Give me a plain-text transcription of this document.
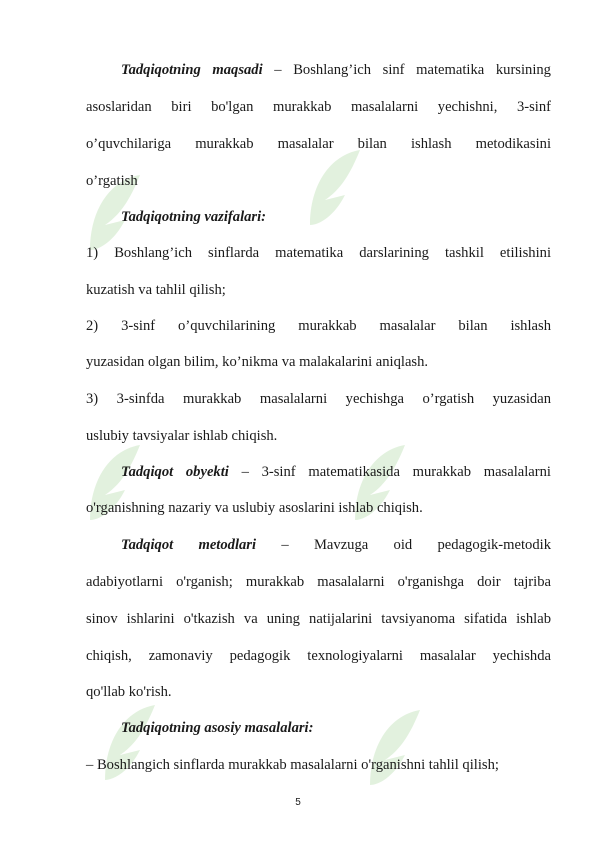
Tadqiqotning maqsadi – Boshlang’ich sinf matematika kursining
asoslaridan biri bo'lgan murakkab masalalarni yechishni, 3-sinf
o’quvchilariga murakkab masalalar bilan ishlash metodikasini
o’rgatish
Tadqiqotning vazifalari:
1) Boshlang’ich sinflarda matematika darslarining tashkil etilishini
kuzatish va tahlil qilish;
2) 3-sinf o’quvchilarining murakkab masalalar bilan ishlash
yuzasidan olgan bilim, ko’nikma va malakalarini aniqlash.
3) 3-sinfda murakkab masalalarni yechishga o’rgatish yuzasidan
uslubiy tavsiyalar ishlab chiqish.
Tadqiqot obyekti – 3-sinf matematikasida murakkab masalalarni
o'rganishning nazariy va uslubiy asoslarini ishlab chiqish.
Tadqiqot metodlari – Mavzuga oid pedagogik-metodik
adabiyotlarni o'rganish; murakkab masalalarni o'rganishga doir tajriba
sinov ishlarini o'tkazish va uning natijalarini tavsiyanoma sifatida ishlab
chiqish, zamonaviy pedagogik texnologiyalarni masalalar yechishda
qo'llab ko'rish.
Tadqiqotning asosiy masalalari:
– Boshlangich sinflarda murakkab masalalarni o'rganishni tahlil qilish;
5
